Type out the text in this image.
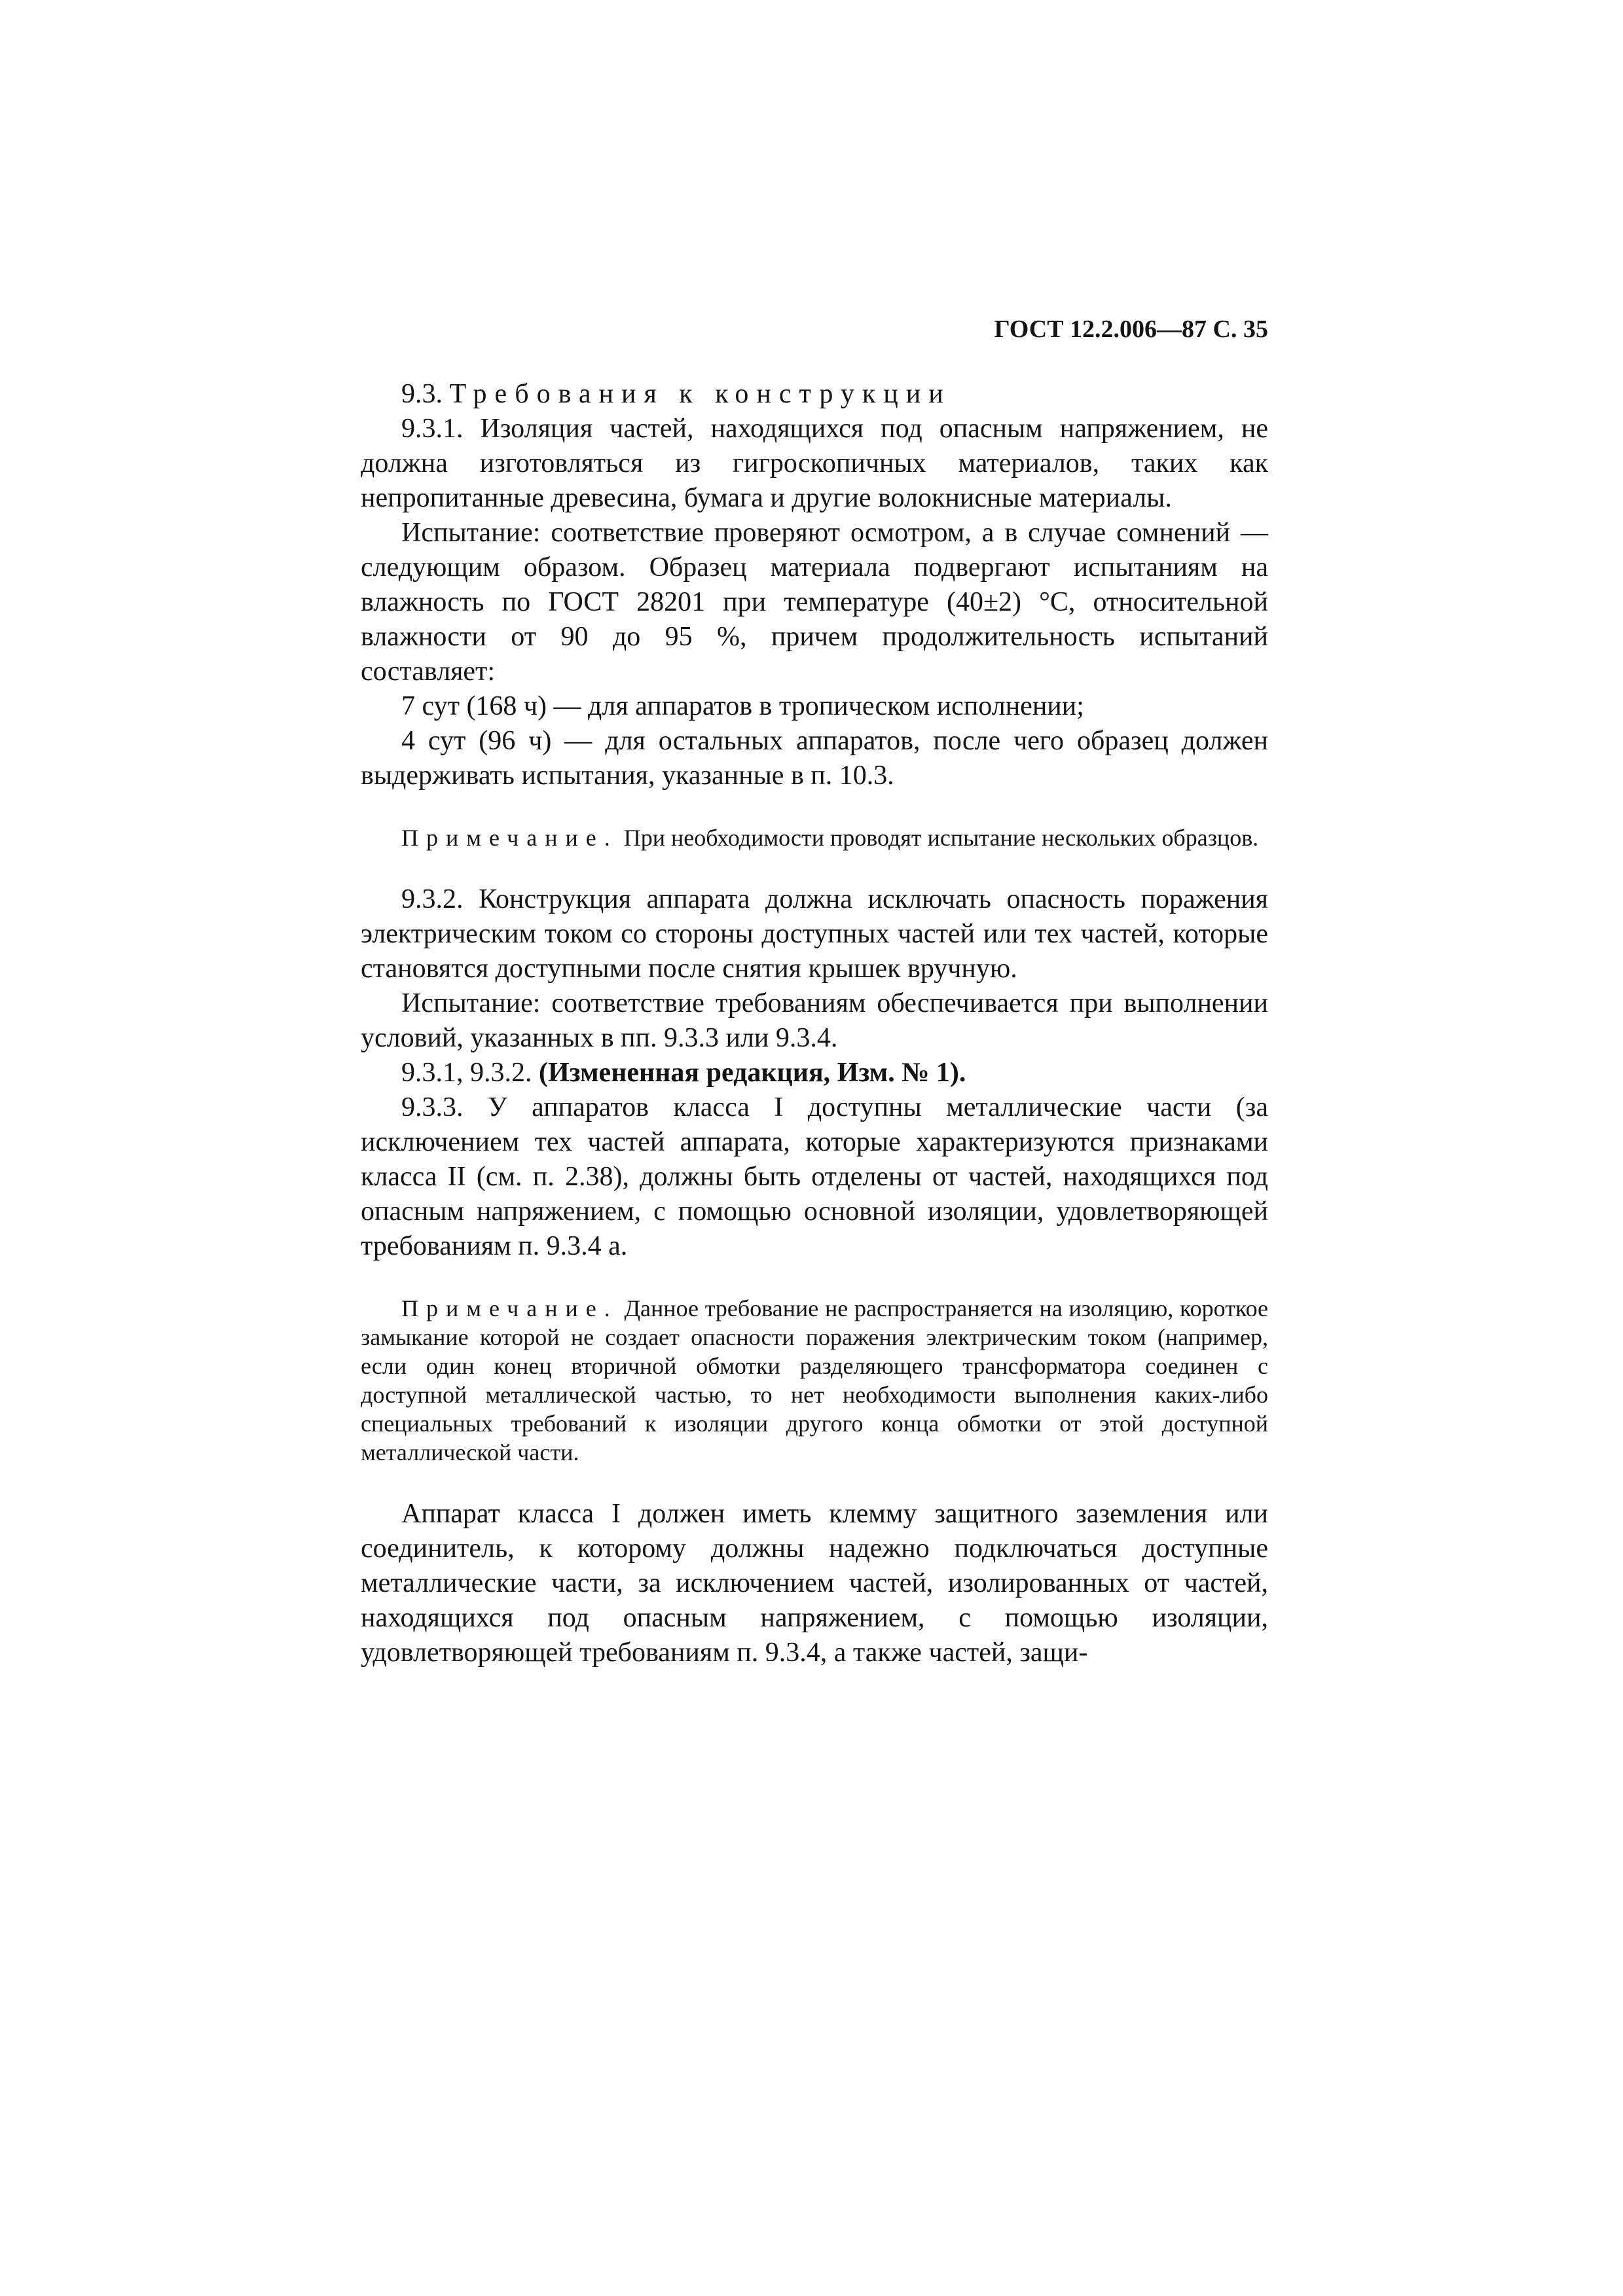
ГОСТ 12.2.006—87 С. 35

9.3. Требования к конструкции

9.3.1. Изоляция частей, находящихся под опасным напряжением, не должна изготовляться из гигроскопичных материалов, таких как непропитанные древесина, бумага и другие волокнисные материалы.

Испытание: соответствие проверяют осмотром, а в случае сомнений — следующим образом. Образец материала подвергают испытаниям на влажность по ГОСТ 28201 при температуре (40±2) °С, относительной влажности от 90 до 95 %, причем продолжительность испытаний составляет:

7 сут (168 ч) — для аппаратов в тропическом исполнении;

4 сут (96 ч) — для остальных аппаратов, после чего образец должен выдерживать испытания, указанные в п. 10.3.

Примечание. При необходимости проводят испытание нескольких образцов.

9.3.2. Конструкция аппарата должна исключать опасность поражения электрическим током со стороны доступных частей или тех частей, которые становятся доступными после снятия крышек вручную.

Испытание: соответствие требованиям обеспечивается при выполнении условий, указанных в пп. 9.3.3 или 9.3.4.

9.3.1, 9.3.2. (Измененная редакция, Изм. № 1).

9.3.3. У аппаратов класса I доступны металлические части (за исключением тех частей аппарата, которые характеризуются признаками класса II (см. п. 2.38), должны быть отделены от частей, находящихся под опасным напряжением, с помощью основной изоляции, удовлетворяющей требованиям п. 9.3.4 а.

Примечание. Данное требование не распространяется на изоляцию, короткое замыкание которой не создает опасности поражения электрическим током (например, если один конец вторичной обмотки разделяющего трансформатора соединен с доступной металлической частью, то нет необходимости выполнения каких-либо специальных требований к изоляции другого конца обмотки от этой доступной металлической части.

Аппарат класса I должен иметь клемму защитного заземления или соединитель, к которому должны надежно подключаться доступные металлические части, за исключением частей, изолированных от частей, находящихся под опасным напряжением, с помощью изоляции, удовлетворяющей требованиям п. 9.3.4, а также частей, защи-
